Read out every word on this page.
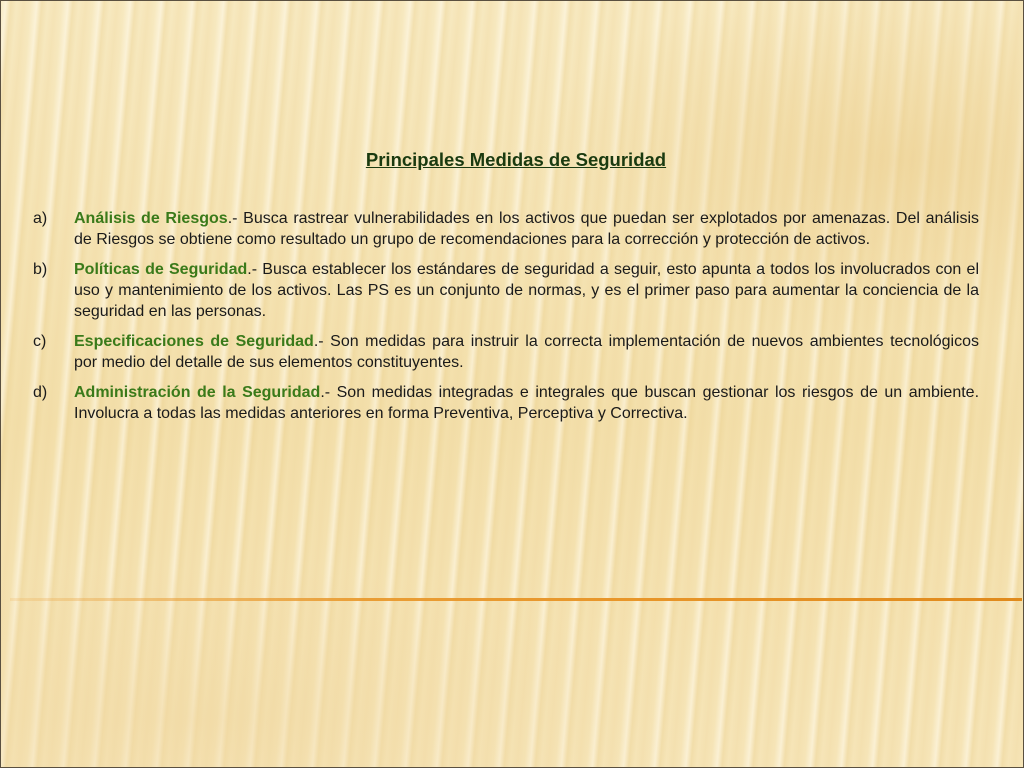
Principales Medidas de Seguridad
a)	Análisis de Riesgos.- Busca rastrear vulnerabilidades en los activos que puedan ser explotados por amenazas. Del análisis de Riesgos se obtiene como resultado un grupo de recomendaciones para la corrección y protección de activos.
b)	Políticas de Seguridad.- Busca establecer los estándares de seguridad a seguir, esto apunta a todos los involucrados con el uso y mantenimiento de los activos. Las PS es un conjunto de normas, y es el primer paso para aumentar la conciencia de la seguridad en las personas.
c)	Especificaciones de Seguridad.- Son medidas para instruir la correcta implementación de nuevos ambientes tecnológicos por medio del detalle de sus elementos constituyentes.
d)	Administración de la Seguridad.- Son medidas integradas e integrales que buscan gestionar los riesgos de un ambiente. Involucra a todas las medidas anteriores en forma Preventiva, Perceptiva y Correctiva.
